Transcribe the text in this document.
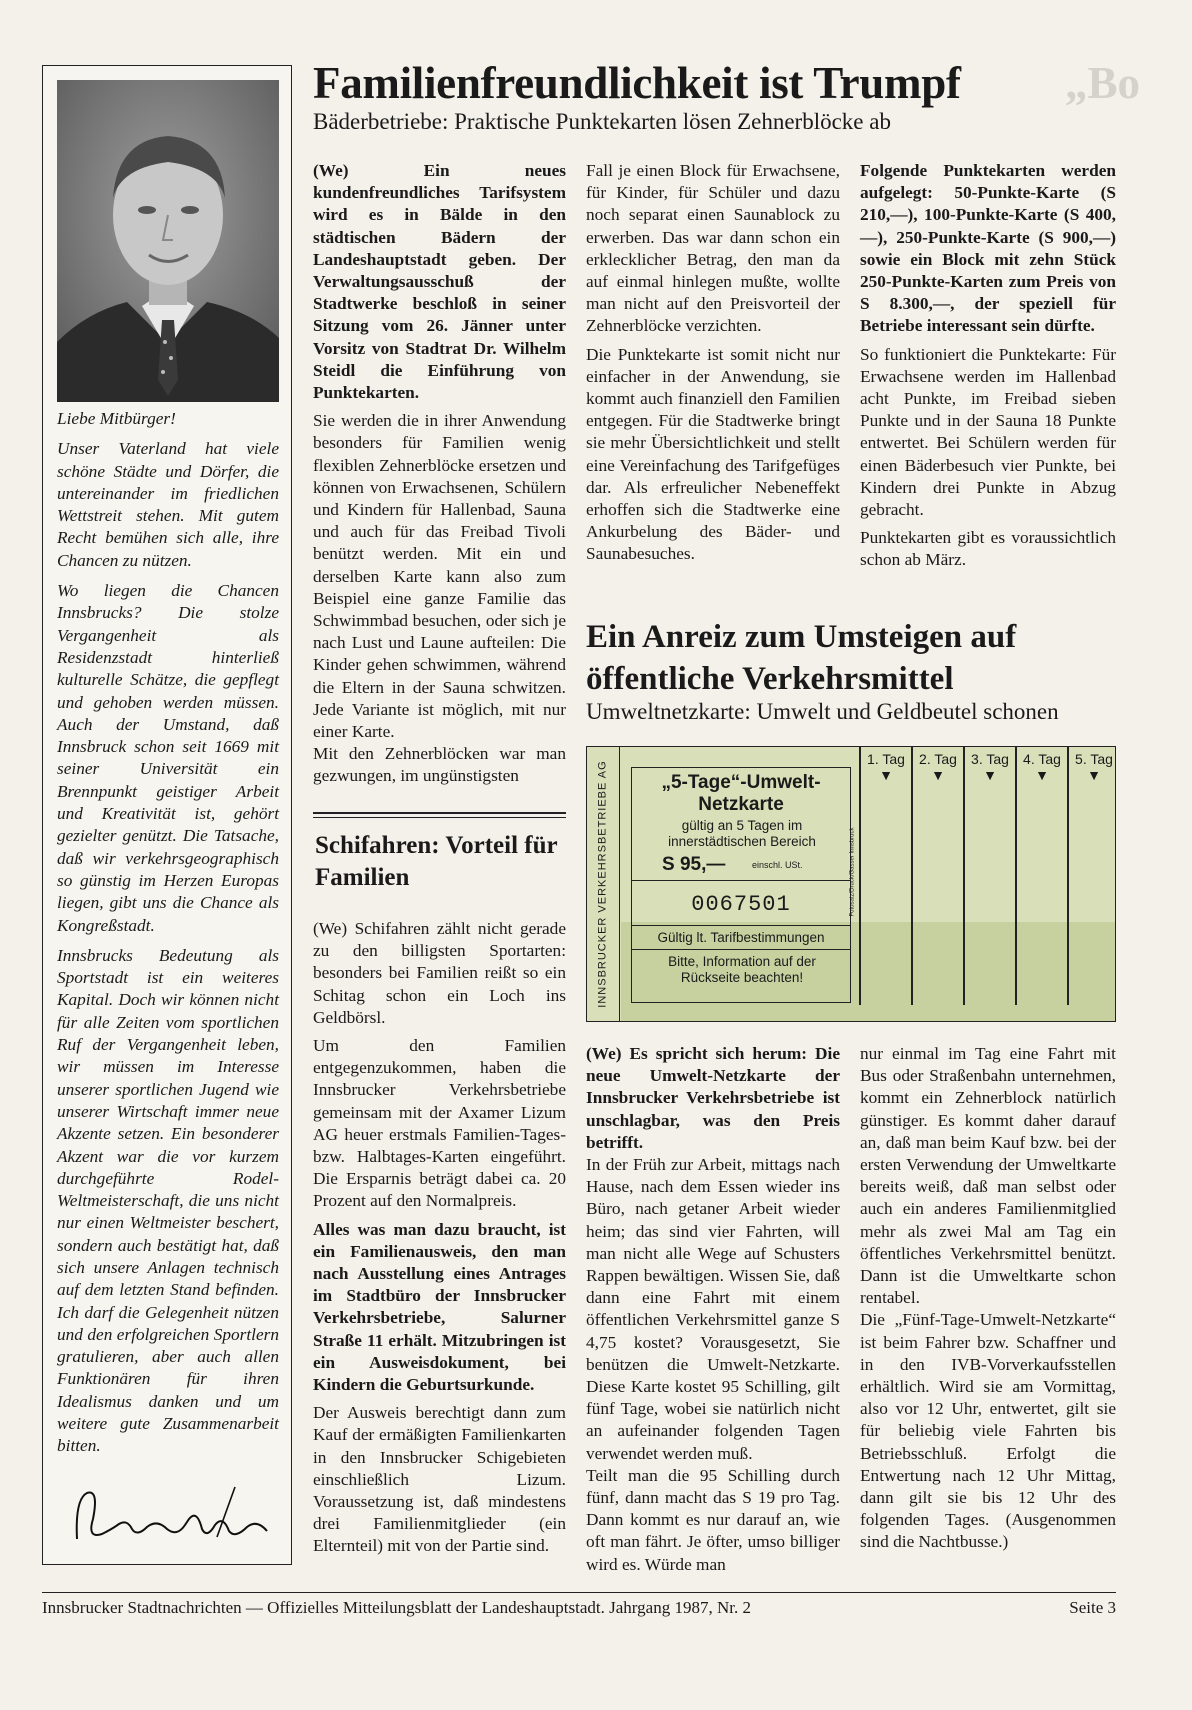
„Bo

Liebe Mitbürger!

Unser Vaterland hat viele schöne Städte und Dörfer, die untereinander im friedlichen Wettstreit stehen. Mit gutem Recht bemühen sich alle, ihre Chancen zu nützen.

Wo liegen die Chancen Innsbrucks? Die stolze Vergangenheit als Residenzstadt hinterließ kulturelle Schätze, die gepflegt und gehoben werden müssen. Auch der Umstand, daß Innsbruck schon seit 1669 mit seiner Universität ein Brennpunkt geistiger Arbeit und Kreativität ist, gehört gezielter genützt. Die Tatsache, daß wir verkehrsgeographisch so günstig im Herzen Europas liegen, gibt uns die Chance als Kongreßstadt.

Innsbrucks Bedeutung als Sportstadt ist ein weiteres Kapital. Doch wir können nicht für alle Zeiten vom sportlichen Ruf der Vergangenheit leben, wir müssen im Interesse unserer sportlichen Jugend wie unserer Wirtschaft immer neue Akzente setzen. Ein besonderer Akzent war die vor kurzem durchgeführte Rodel-Weltmeisterschaft, die uns nicht nur einen Weltmeister beschert, sondern auch bestätigt hat, daß sich unsere Anlagen technisch auf dem letzten Stand befinden. Ich darf die Gelegenheit nützen und den erfolgreichen Sportlern gratulieren, aber auch allen Funktionären für ihren Idealismus danken und um weitere gute Zusammenarbeit bitten.

Familienfreundlichkeit ist Trumpf
Bäderbetriebe: Praktische Punktekarten lösen Zehnerblöcke ab

(We) Ein neues kundenfreundliches Tarifsystem wird es in Bälde in den städtischen Bädern der Landeshauptstadt geben. Der Verwaltungsausschuß der Stadtwerke beschloß in seiner Sitzung vom 26. Jänner unter Vorsitz von Stadtrat Dr. Wilhelm Steidl die Einführung von Punktekarten.

Sie werden die in ihrer Anwendung besonders für Familien wenig flexiblen Zehnerblöcke ersetzen und können von Erwachsenen, Schülern und Kindern für Hallenbad, Sauna und auch für das Freibad Tivoli benützt werden. Mit ein und derselben Karte kann also zum Beispiel eine ganze Familie das Schwimmbad besuchen, oder sich je nach Lust und Laune aufteilen: Die Kinder gehen schwimmen, während die Eltern in der Sauna schwitzen. Jede Variante ist möglich, mit nur einer Karte.

Mit den Zehnerblöcken war man gezwungen, im ungünstigsten

Fall je einen Block für Erwachsene, für Kinder, für Schüler und dazu noch separat einen Saunablock zu erwerben. Das war dann schon ein erklecklicher Betrag, den man da auf einmal hinlegen mußte, wollte man nicht auf den Preisvorteil der Zehnerblöcke verzichten.

Die Punktekarte ist somit nicht nur einfacher in der Anwendung, sie kommt auch finanziell den Familien entgegen. Für die Stadtwerke bringt sie mehr Übersichtlichkeit und stellt eine Vereinfachung des Tarifgefüges dar. Als erfreulicher Nebeneffekt erhoffen sich die Stadtwerke eine Ankurbelung des Bäder- und Saunabesuches.

Folgende Punktekarten werden aufgelegt: 50-Punkte-Karte (S 210,—), 100-Punkte-Karte (S 400,—), 250-Punkte-Karte (S 900,—) sowie ein Block mit zehn Stück 250-Punkte-Karten zum Preis von S 8.300,—, der speziell für Betriebe interessant sein dürfte.

So funktioniert die Punktekarte: Für Erwachsene werden im Hallenbad acht Punkte, im Freibad sieben Punkte und in der Sauna 18 Punkte entwertet. Bei Schülern werden für einen Bäderbesuch vier Punkte, bei Kindern drei Punkte in Abzug gebracht.

Punktekarten gibt es voraussichtlich schon ab März.

Schifahren: Vorteil für Familien

(We) Schifahren zählt nicht gerade zu den billigsten Sportarten: besonders bei Familien reißt so ein Schitag schon ein Loch ins Geldbörsl.

Um den Familien entgegenzukommen, haben die Innsbrucker Verkehrsbetriebe gemeinsam mit der Axamer Lizum AG heuer erstmals Familien-Tages- bzw. Halbtages-Karten eingeführt. Die Ersparnis beträgt dabei ca. 20 Prozent auf den Normalpreis.

Alles was man dazu braucht, ist ein Familienausweis, den man nach Ausstellung eines Antrages im Stadtbüro der Innsbrucker Verkehrsbetriebe, Salurner Straße 11 erhält. Mitzubringen ist ein Ausweisdokument, bei Kindern die Geburtsurkunde.

Der Ausweis berechtigt dann zum Kauf der ermäßigten Familienkarten in den Innsbrucker Schigebieten einschließlich Lizum. Voraussetzung ist, daß mindestens drei Familienmitglieder (ein Elternteil) mit von der Partie sind.

Ein Anreiz zum Umsteigen auf öffentliche Verkehrsmittel
Umweltnetzkarte: Umwelt und Geldbeutel schonen
INNSBRUCKER VERKEHRSBETRIEBE AG	„5-Tage“-Umwelt-Netzkarte
gültig an 5 Tagen im innerstädtischen Bereich
S 95,—	einschl. USt.
0067501
Gültig lt. Tarifbestimmungen
Bitte, Information auf der Rückseite beachten!
Fotosatz/Druck/Gasser Innsbruck
1. Tag
▼
2. Tag
▼
3. Tag
▼
4. Tag
▼
5. Tag
▼

(We) Es spricht sich herum: Die neue Umwelt-Netzkarte der Innsbrucker Verkehrsbetriebe ist unschlagbar, was den Preis betrifft.

In der Früh zur Arbeit, mittags nach Hause, nach dem Essen wieder ins Büro, nach getaner Arbeit wieder heim; das sind vier Fahrten, will man nicht alle Wege auf Schusters Rappen bewältigen. Wissen Sie, daß dann eine Fahrt mit einem öffentlichen Verkehrsmittel ganze S 4,75 kostet? Vorausgesetzt, Sie benützen die Umwelt-Netzkarte. Diese Karte kostet 95 Schilling, gilt fünf Tage, wobei sie natürlich nicht an aufeinander folgenden Tagen verwendet werden muß.

Teilt man die 95 Schilling durch fünf, dann macht das S 19 pro Tag. Dann kommt es nur darauf an, wie oft man fährt. Je öfter, umso billiger wird es. Würde man

nur einmal im Tag eine Fahrt mit Bus oder Straßenbahn unternehmen, kommt ein Zehnerblock natürlich günstiger. Es kommt daher darauf an, daß man beim Kauf bzw. bei der ersten Verwendung der Umweltkarte bereits weiß, daß man selbst oder auch ein anderes Familienmitglied mehr als zwei Mal am Tag ein öffentliches Verkehrsmittel benützt. Dann ist die Umweltkarte schon rentabel.

Die „Fünf-Tage-Umwelt-Netzkarte“ ist beim Fahrer bzw. Schaffner und in den IVB-Vorverkaufsstellen erhältlich. Wird sie am Vormittag, also vor 12 Uhr, entwertet, gilt sie für beliebig viele Fahrten bis Betriebsschluß. Erfolgt die Entwertung nach 12 Uhr Mittag, dann gilt sie bis 12 Uhr des folgenden Tages. (Ausgenommen sind die Nachtbusse.)

Innsbrucker Stadtnachrichten — Offizielles Mitteilungsblatt der Landeshauptstadt. Jahrgang 1987, Nr. 2	Seite 3
